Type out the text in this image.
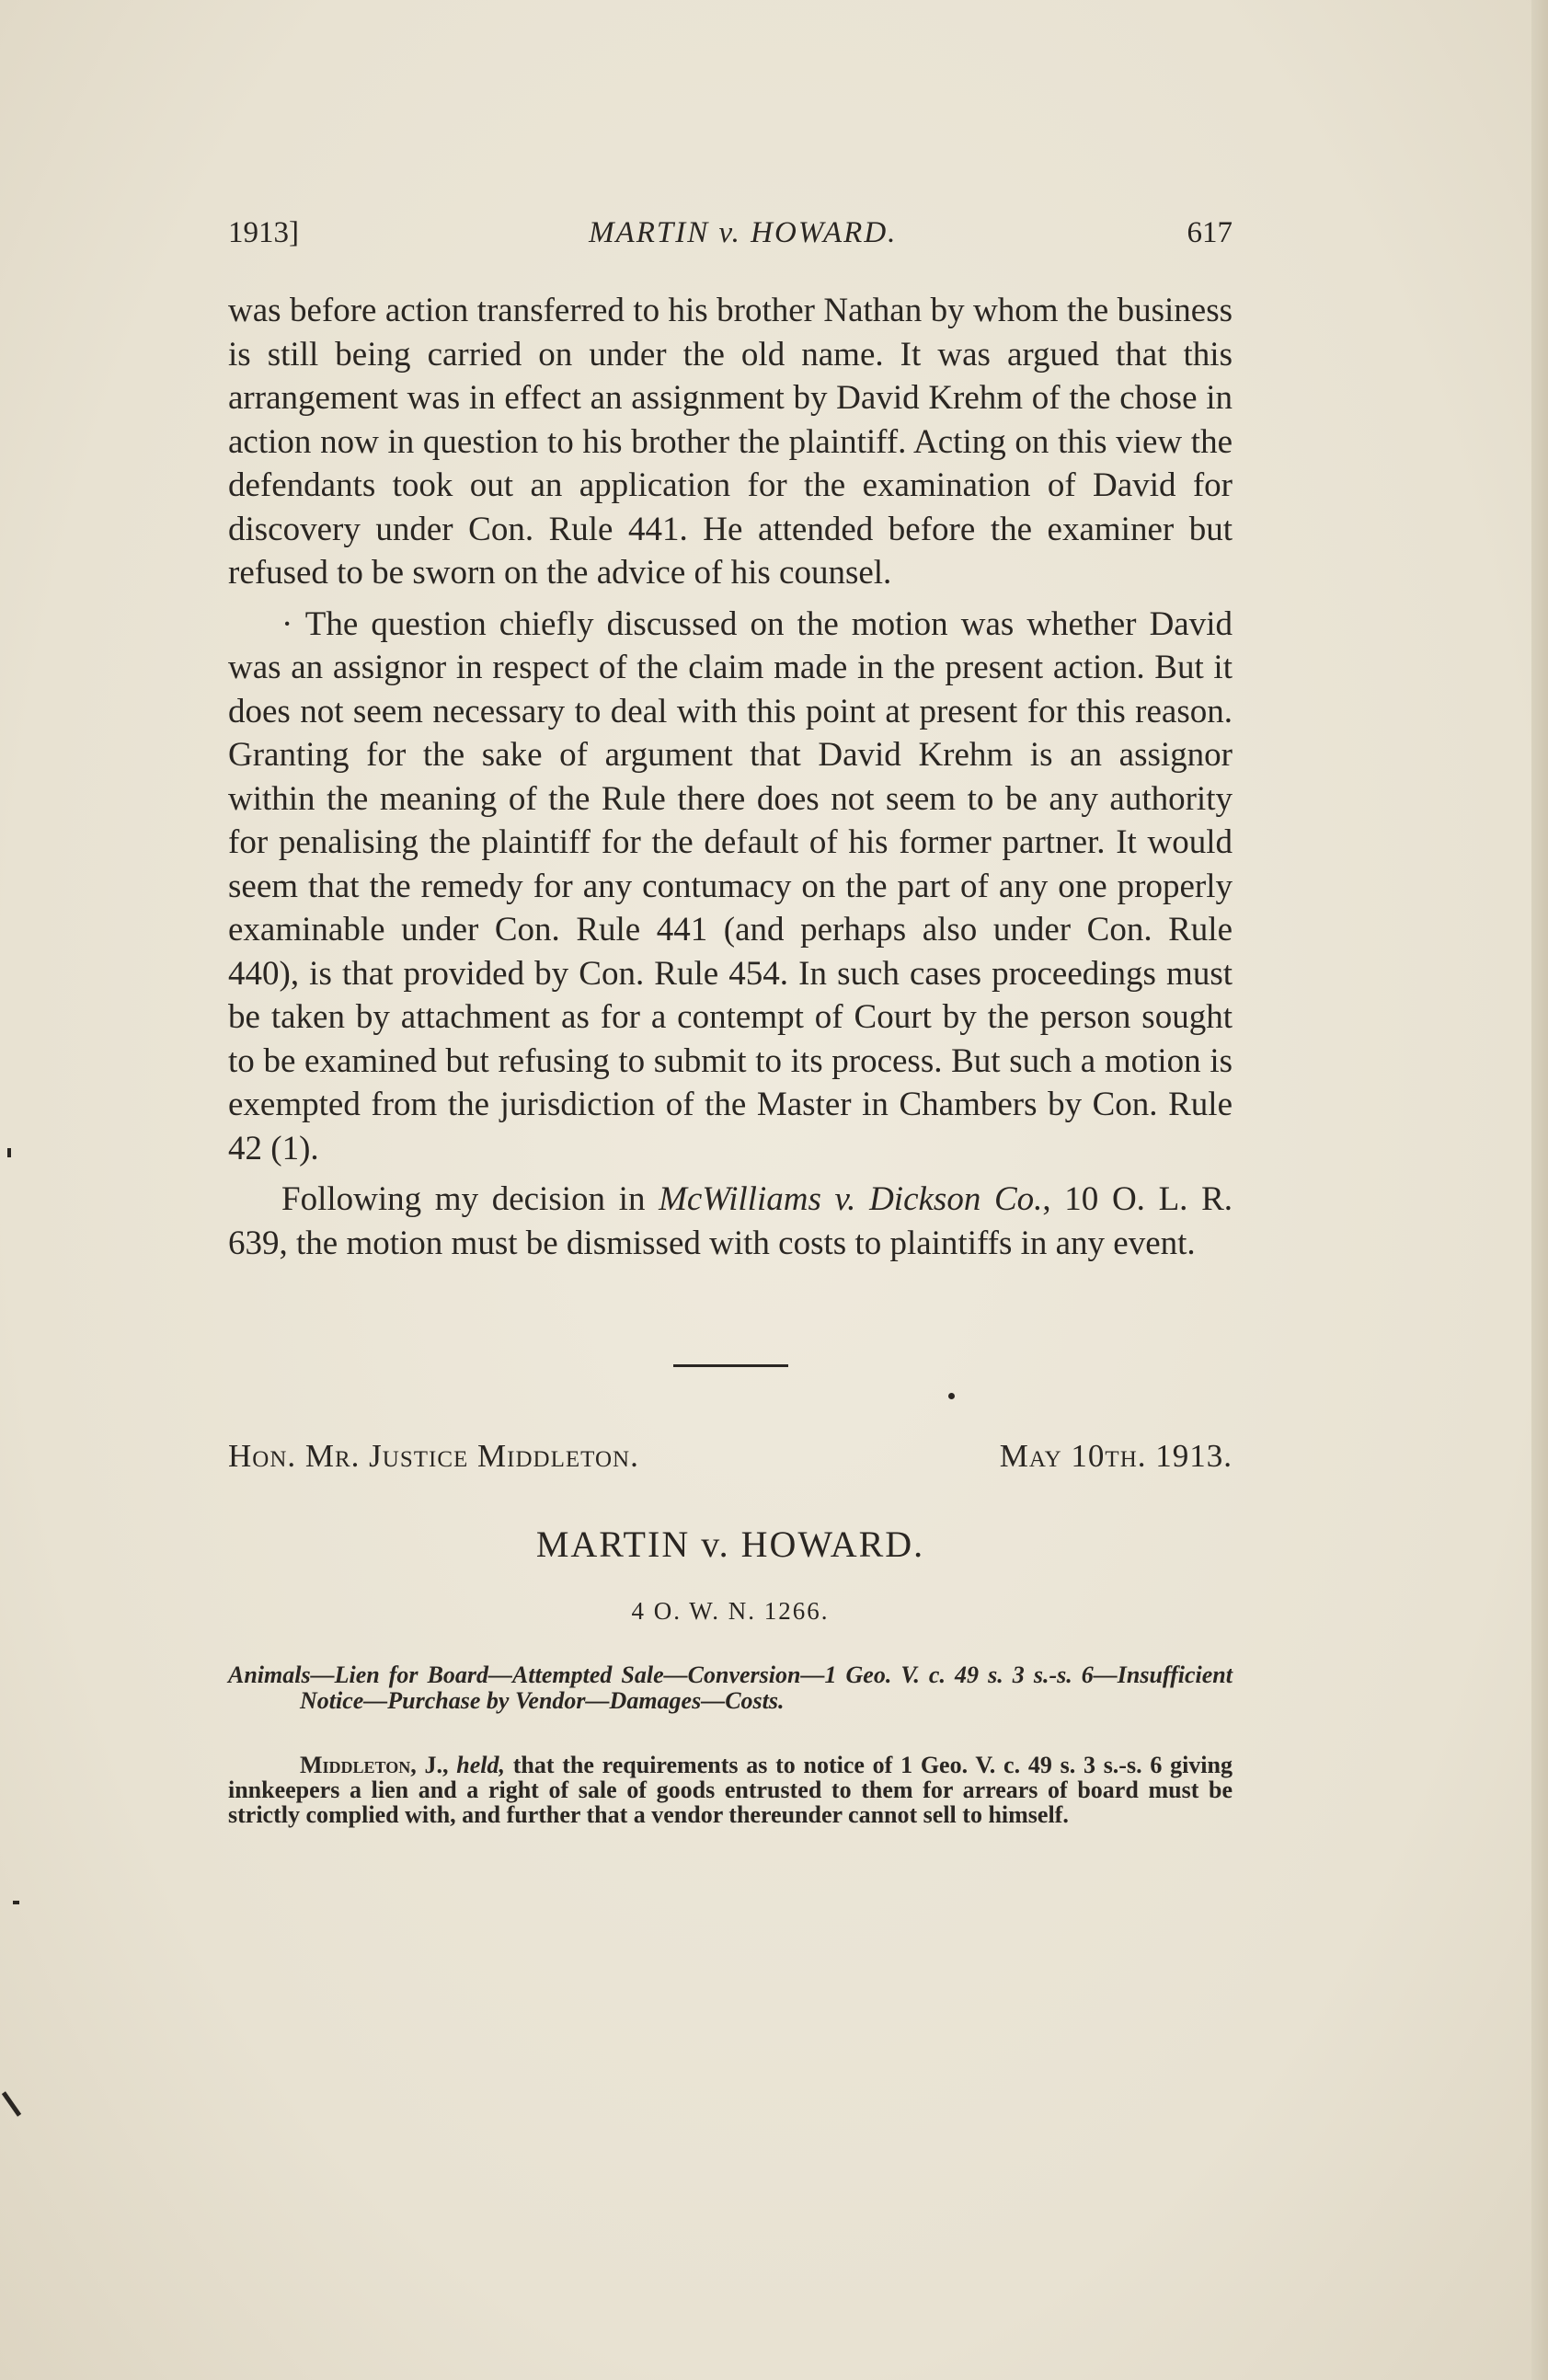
1913]	MARTIN v. HOWARD.	617

was before action transferred to his brother Nathan by whom the business is still being carried on under the old name. It was argued that this arrangement was in effect an assignment by David Krehm of the chose in action now in question to his brother the plaintiff. Acting on this view the defendants took out an application for the examination of David for discovery under Con. Rule 441. He attended before the examiner but refused to be sworn on the advice of his counsel.

· The question chiefly discussed on the motion was whether David was an assignor in respect of the claim made in the present action. But it does not seem necessary to deal with this point at present for this reason. Granting for the sake of argument that David Krehm is an assignor within the meaning of the Rule there does not seem to be any authority for penalising the plaintiff for the default of his former partner. It would seem that the remedy for any contumacy on the part of any one properly examinable under Con. Rule 441 (and perhaps also under Con. Rule 440), is that provided by Con. Rule 454. In such cases proceedings must be taken by attachment as for a contempt of Court by the person sought to be examined but refusing to submit to its process. But such a motion is exempted from the jurisdiction of the Master in Chambers by Con. Rule 42 (1).

Following my decision in McWilliams v. Dickson Co., 10 O. L. R. 639, the motion must be dismissed with costs to plaintiffs in any event.

Hon. Mr. Justice Middleton.	May 10th. 1913.
MARTIN v. HOWARD.
4 O. W. N. 1266.
Animals—Lien for Board—Attempted Sale—Conversion—1 Geo. V. c. 49 s. 3 s.-s. 6—Insufficient Notice—Purchase by Vendor—Damages—Costs.
Middleton, J., held, that the requirements as to notice of 1 Geo. V. c. 49 s. 3 s.-s. 6 giving innkeepers a lien and a right of sale of goods entrusted to them for arrears of board must be strictly complied with, and further that a vendor thereunder cannot sell to himself.
